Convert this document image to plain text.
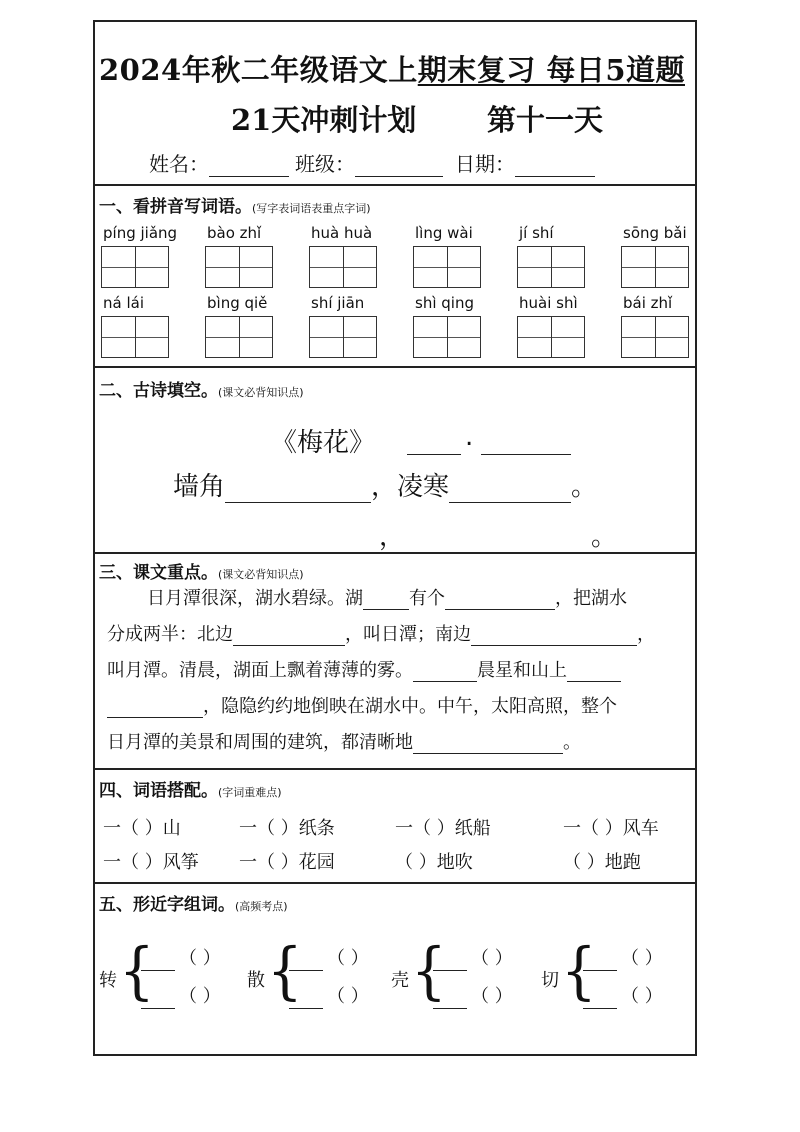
2024年秋二年级语文上期末复习 每日5道题
21天冲刺计划 第十一天
姓名：	班级：	日期：
一、看拼音写词语。(写字表词语表重点字词)
píng jiǎng bào zhǐ	huà huà	lìng wài	jí shí	sōng bǎi
ná lái	bìng qiě	shí jiān	shì qing	huài shì	bái zhǐ
二、古诗填空。(课文必背知识点)
《梅花》	.
墙角	，凌寒	。
，	。
三、课文重点。(课文必背知识点)
日月潭很深，湖水碧绿。湖	有个	，把湖水
分成两半：北边	，叫日潭；南边	，
叫月潭。清晨，湖面上飘着薄薄的雾。	晨星和山上
，隐隐约约地倒映在湖水中。中午，太阳高照，整个
日月潭的美景和周围的建筑，都清晰地	。
四、词语搭配。(字词重难点)
一（ ）山	一（ ）纸条	一（ ）纸船	一（ ）风车
一（ ）风筝 一（ ）花园	（ ）地吹	（ ）地跑
五、形近字组词。(高频考点)
转 { （ ）
（ ）
散 { （ ）
（ ）
壳 { （ ）
（ ）
切 { （ ）
（ ）
